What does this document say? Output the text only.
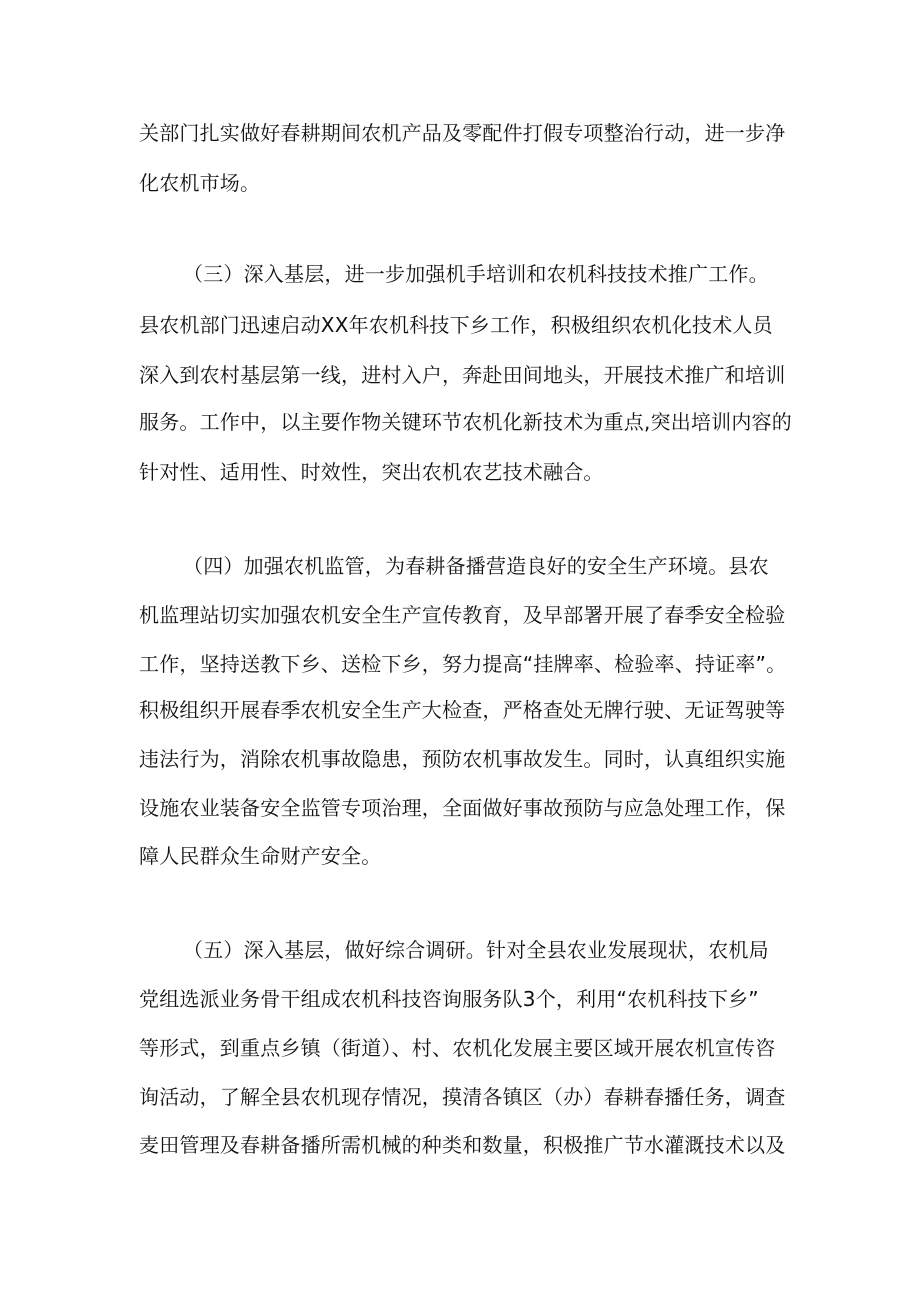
关部门扎实做好春耕期间农机产品及零配件打假专项整治行动，进一步净
化农机市场。
（三）深入基层，进一步加强机手培训和农机科技技术推广工作。
县农机部门迅速启动XX年农机科技下乡工作，积极组织农机化技术人员
深入到农村基层第一线，进村入户，奔赴田间地头，开展技术推广和培训
服务。工作中，以主要作物关键环节农机化新技术为重点,突出培训内容的
针对性、适用性、时效性，突出农机农艺技术融合。
（四）加强农机监管，为春耕备播营造良好的安全生产环境。县农
机监理站切实加强农机安全生产宣传教育，及早部署开展了春季安全检验
工作，坚持送教下乡、送检下乡，努力提高“挂牌率、检验率、持证率”。
积极组织开展春季农机安全生产大检查，严格查处无牌行驶、无证驾驶等
违法行为，消除农机事故隐患，预防农机事故发生。同时，认真组织实施
设施农业装备安全监管专项治理，全面做好事故预防与应急处理工作，保
障人民群众生命财产安全。
（五）深入基层，做好综合调研。针对全县农业发展现状，农机局
党组选派业务骨干组成农机科技咨询服务队3个，利用“农机科技下乡”
等形式，到重点乡镇（街道）、村、农机化发展主要区域开展农机宣传咨
询活动，了解全县农机现存情况，摸清各镇区（办）春耕春播任务，调查
麦田管理及春耕备播所需机械的种类和数量，积极推广节水灌溉技术以及
